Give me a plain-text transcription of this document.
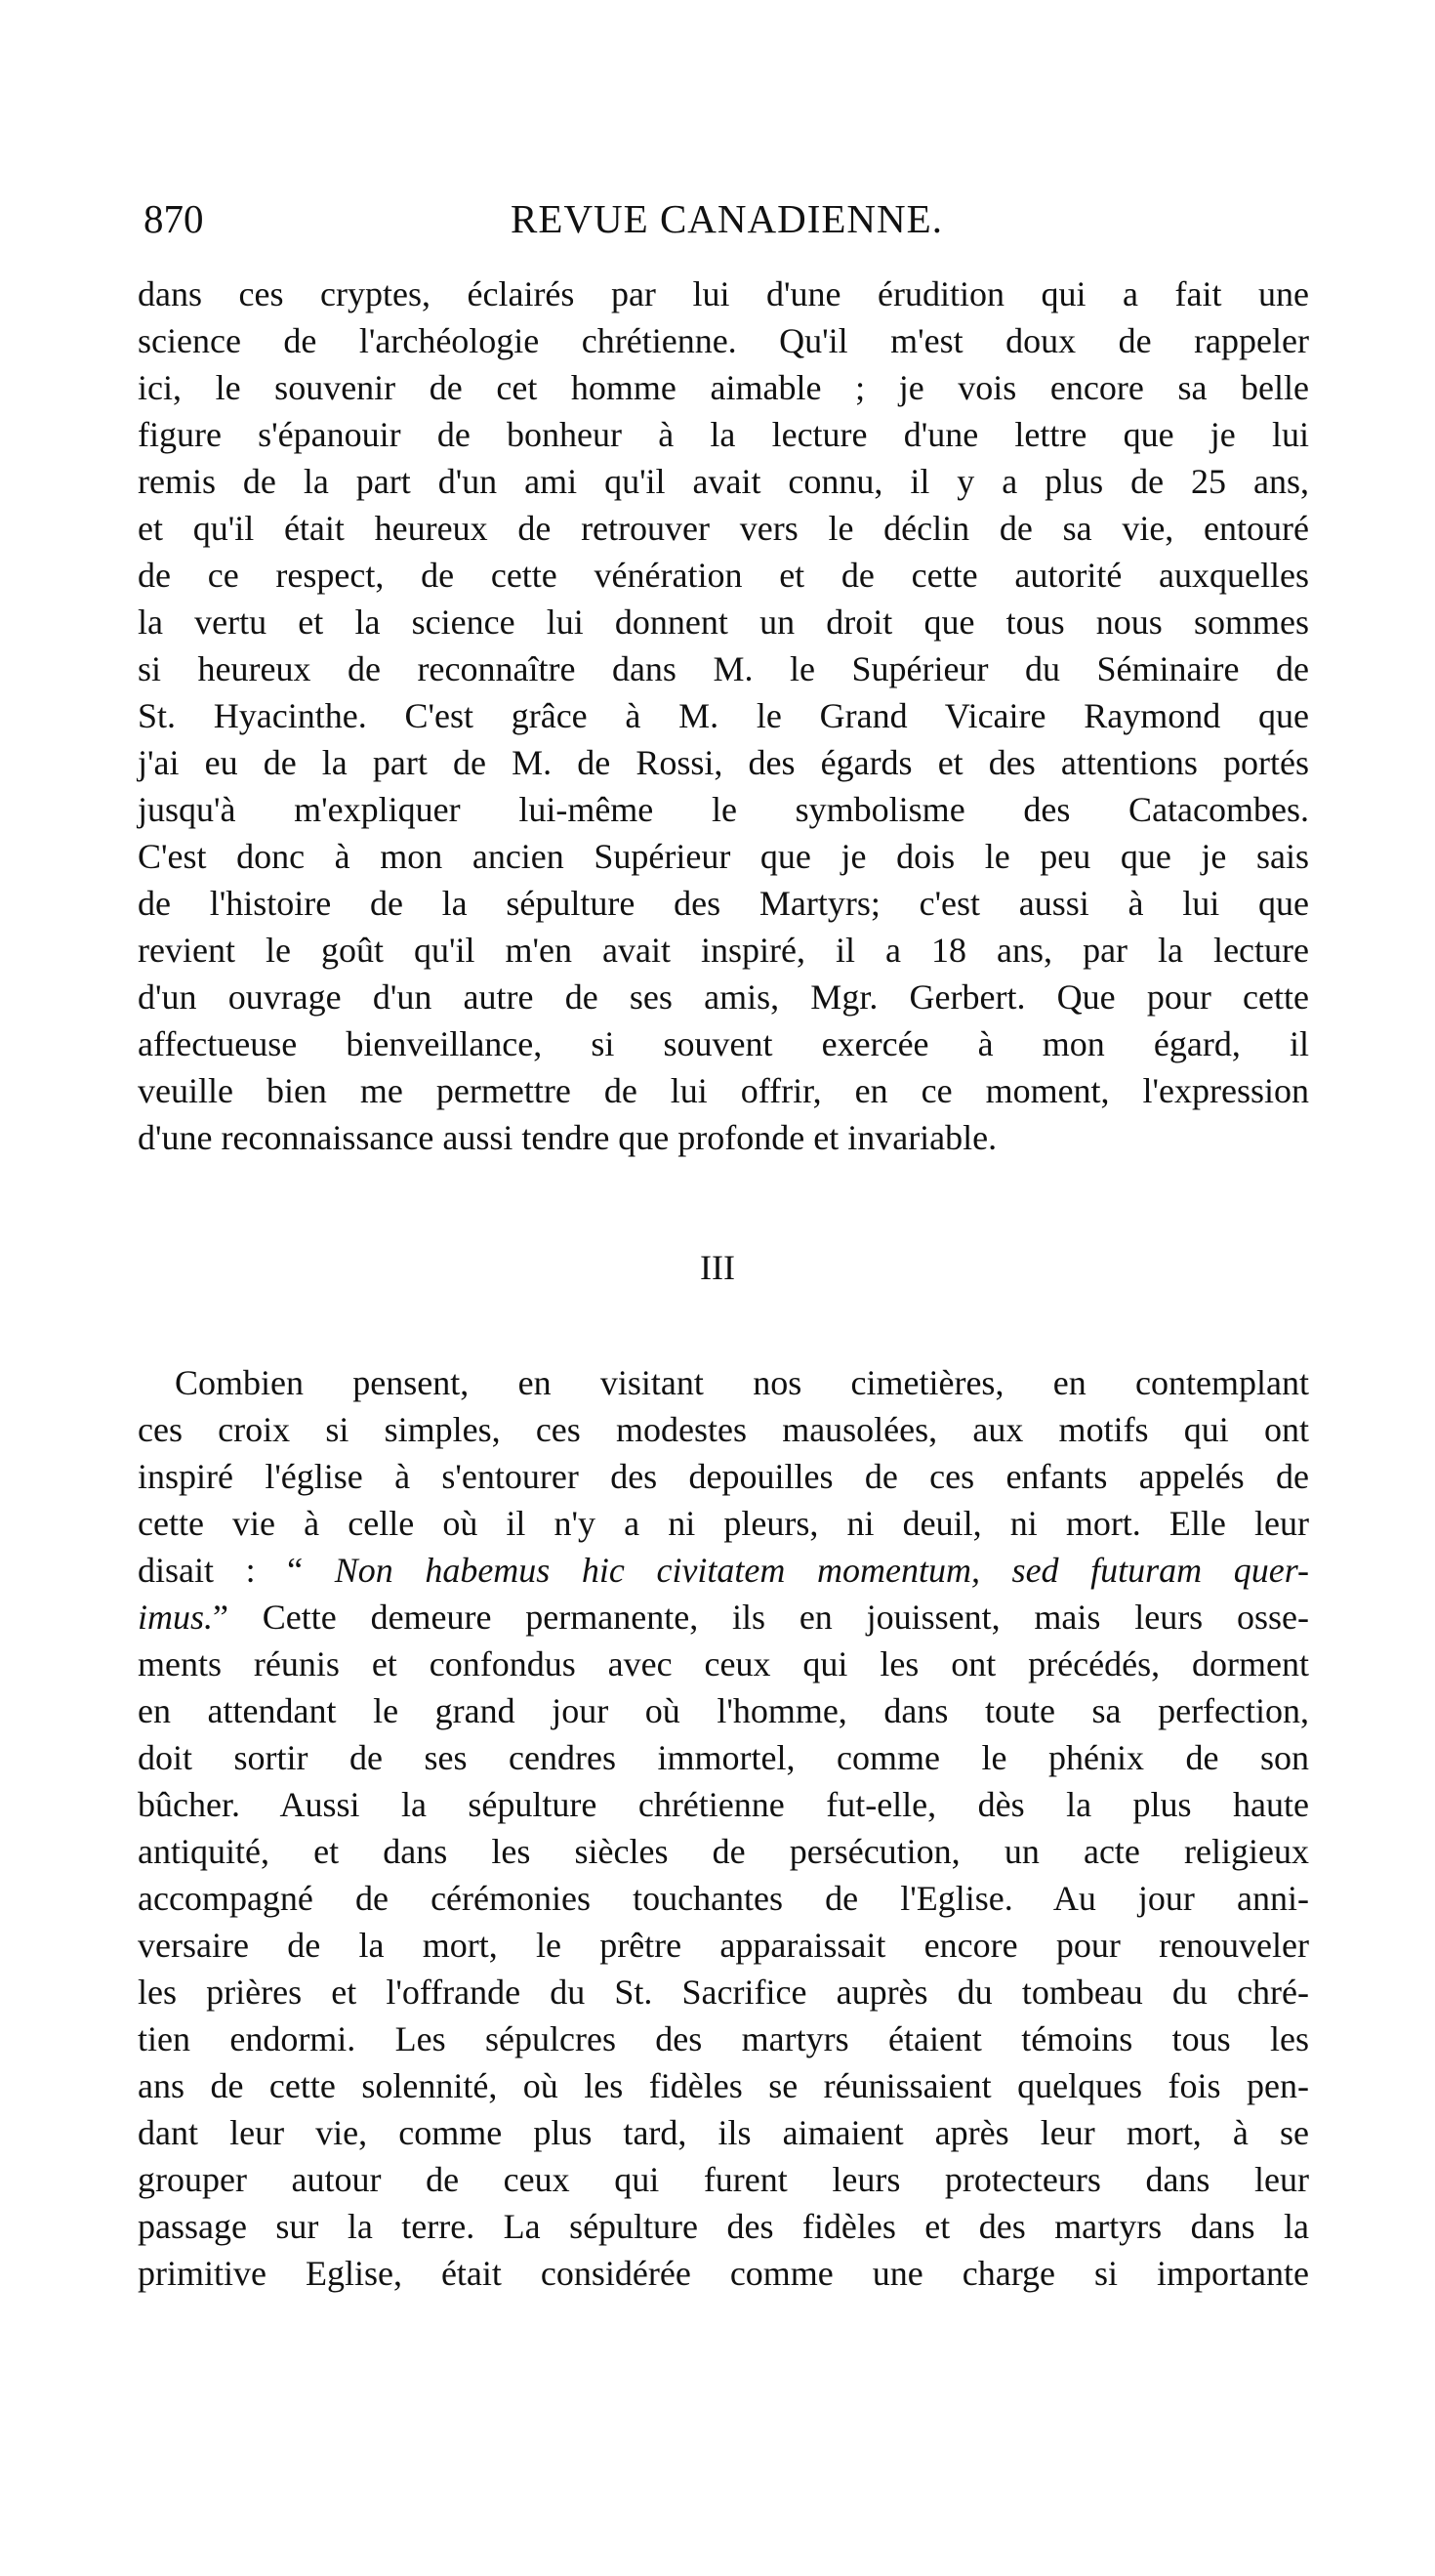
870	REVUE CANADIENNE.
dans ces cryptes, éclairés par lui d'une érudition qui a fait une
science de l'archéologie chrétienne. Qu'il m'est doux de rappeler
ici, le souvenir de cet homme aimable ; je vois encore sa belle
figure s'épanouir de bonheur à la lecture d'une lettre que je lui
remis de la part d'un ami qu'il avait connu, il y a plus de 25 ans,
et qu'il était heureux de retrouver vers le déclin de sa vie, entouré
de ce respect, de cette vénération et de cette autorité auxquelles
la vertu et la science lui donnent un droit que tous nous sommes
si heureux de reconnaître dans M. le Supérieur du Séminaire de
St. Hyacinthe. C'est grâce à M. le Grand Vicaire Raymond que
j'ai eu de la part de M. de Rossi, des égards et des attentions portés
jusqu'à m'expliquer lui-même le symbolisme des Catacombes.
C'est donc à mon ancien Supérieur que je dois le peu que je sais
de l'histoire de la sépulture des Martyrs; c'est aussi à lui que
revient le goût qu'il m'en avait inspiré, il a 18 ans, par la lecture
d'un ouvrage d'un autre de ses amis, Mgr. Gerbert. Que pour cette
affectueuse bienveillance, si souvent exercée à mon égard, il
veuille bien me permettre de lui offrir, en ce moment, l'expression
d'une reconnaissance aussi tendre que profonde et invariable.
III
Combien pensent, en visitant nos cimetières, en contemplant
ces croix si simples, ces modestes mausolées, aux motifs qui ont
inspiré l'église à s'entourer des depouilles de ces enfants appelés de
cette vie à celle où il n'y a ni pleurs, ni deuil, ni mort. Elle leur
disait : “ Non habemus hic civitatem momentum, sed futuram quer-
imus.” Cette demeure permanente, ils en jouissent, mais leurs osse-
ments réunis et confondus avec ceux qui les ont précédés, dorment
en attendant le grand jour où l'homme, dans toute sa perfection,
doit sortir de ses cendres immortel, comme le phénix de son
bûcher. Aussi la sépulture chrétienne fut-elle, dès la plus haute
antiquité, et dans les siècles de persécution, un acte religieux
accompagné de cérémonies touchantes de l'Eglise. Au jour anni-
versaire de la mort, le prêtre apparaissait encore pour renouveler
les prières et l'offrande du St. Sacrifice auprès du tombeau du chré-
tien endormi. Les sépulcres des martyrs étaient témoins tous les
ans de cette solennité, où les fidèles se réunissaient quelques fois pen-
dant leur vie, comme plus tard, ils aimaient après leur mort, à se
grouper autour de ceux qui furent leurs protecteurs dans leur
passage sur la terre. La sépulture des fidèles et des martyrs dans la
primitive Eglise, était considérée comme une charge si importante
